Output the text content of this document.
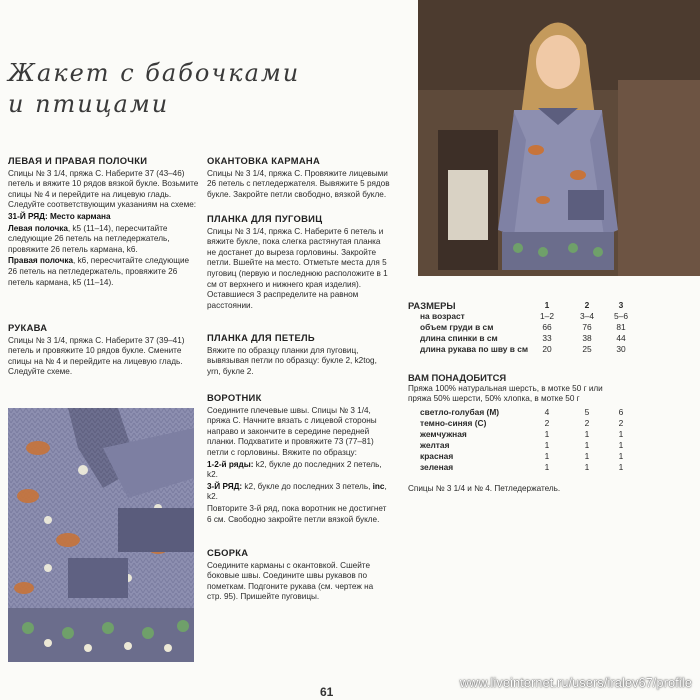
Жакет с бабочками
и птицами
ЛЕВАЯ И ПРАВАЯ ПОЛОЧКИ

Спицы № 3 1/4, пряжа С. Наберите 37 (43–46) петель и вяжите 10 рядов вязкой букле. Возьмите спицы № 4 и перейдите на лицевую гладь. Следуйте соответствующим указаниям на схеме:

31-Й РЯД: Место кармана

Левая полочка, k5 (11–14), пересчитайте следующие 26 петель на петледержатель, провяжите 26 петель кармана, k6.

Правая полочка, k6, пересчитайте следующие 26 петель на петледержатель, провяжите 26 петель кармана, k5 (11–14).

РУКАВА

Спицы № 3 1/4, пряжа С. Наберите 37 (39–41) петель и провяжите 10 рядов букле. Смените спицы на № 4 и перейдите на лицевую гладь. Следуйте схеме.

ОКАНТОВКА КАРМАНА

Спицы № 3 1/4, пряжа С. Провяжите лицевыми 26 петель с петледержателя. Вывяжите 5 рядов букле. Закройте петли свободно, вязкой букле.

ПЛАНКА ДЛЯ ПУГОВИЦ

Спицы № 3 1/4, пряжа С. Наберите 6 петель и вяжите букле, пока слегка растянутая планка не достанет до выреза горловины. Закройте петли. Вшейте на место. Отметьте места для 5 пуговиц (первую и последнюю расположите в 1 см от верхнего и нижнего края изделия). Оставшиеся 3 распределите на равном расстоянии.

ПЛАНКА ДЛЯ ПЕТЕЛЬ

Вяжите по образцу планки для пуговиц, вывязывая петли по образцу: букле 2, k2tog, yrn, букле 2.

ВОРОТНИК

Соедините плечевые швы. Спицы № 3 1/4, пряжа С. Начните вязать с лицевой стороны направо и закончите в середине передней планки. Подхватите и провяжите 73 (77–81) петли с горловины. Вяжите по образцу:

1-2-й ряды: k2, букле до последних 2 петель, k2.

3-Й РЯД: k2, букле до последних 3 петель, inc, k2.

Повторите 3-й ряд, пока воротник не достигнет 6 см. Свободно закройте петли вязкой букле.

СБОРКА

Соедините карманы с окантовкой. Сшейте боковые швы. Соедините швы рукавов по пометкам. Подгоните рукава (см. чертеж на стр. 95). Пришейте пуговицы.

РАЗМЕРЫ	1	2	3
на возраст	1–2	3–4	5–6
объем груди в см	66	76	81
длина спинки в см	33	38	44
длина рукава по шву в см	20	25	30
ВАМ ПОНАДОБИТСЯ

Пряжа 100% натуральная шерсть, в мотке 50 г или пряжа 50% шерсти, 50% хлопка, в мотке 50 г

светло-голубая (М)	4	5	6
темно-синяя (С)	2	2	2
жемчужная	1	1	1
желтая	1	1	1
красная	1	1	1
зеленая	1	1	1

Спицы № 3 1/4 и № 4. Петледержатель.

61
www.liveinternet.ru/users/iralev67/profile
